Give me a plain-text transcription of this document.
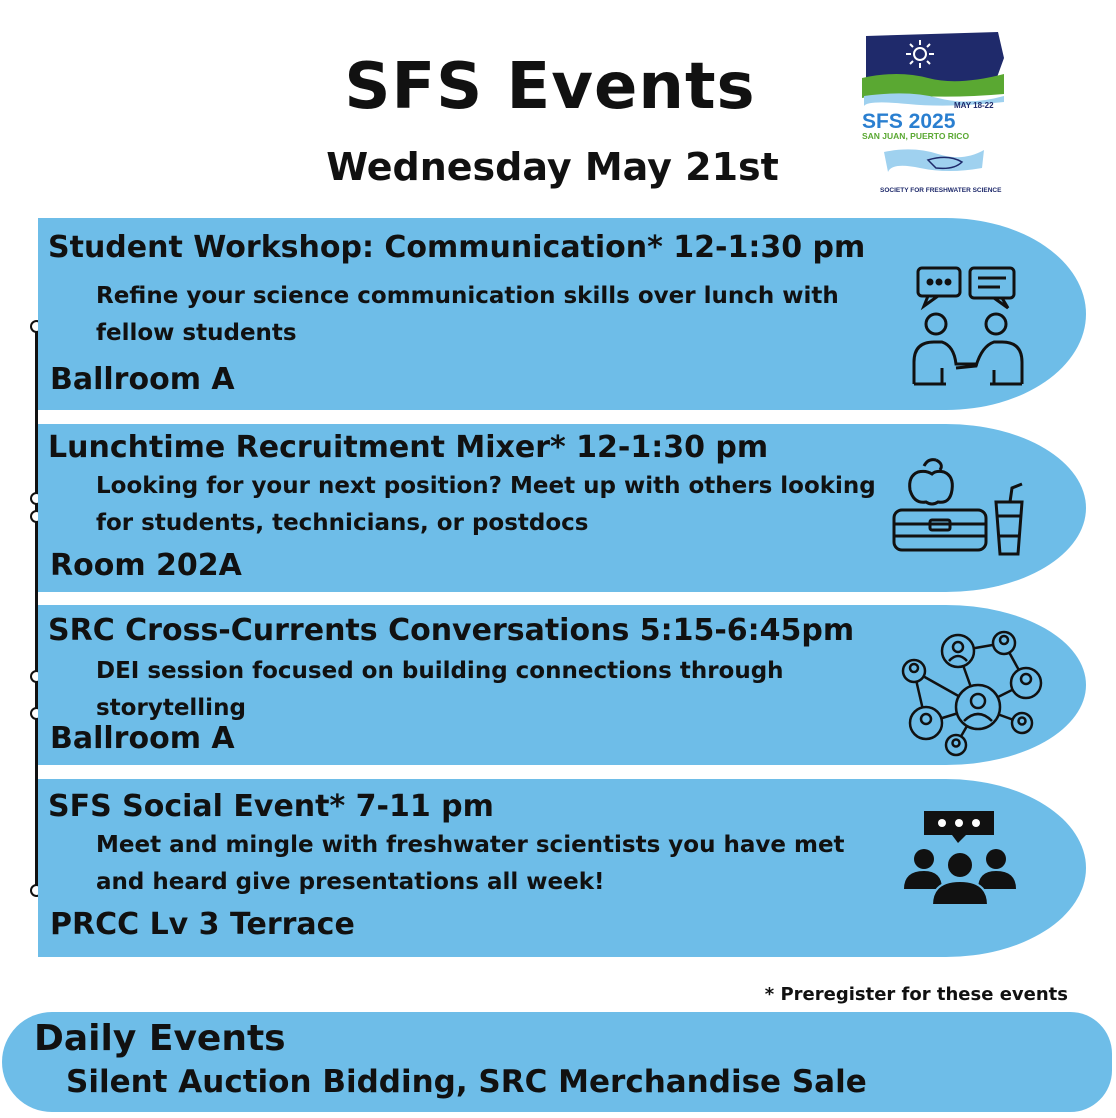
SFS Events
Wednesday May 21st
MAY 18-22
SFS 2025
SAN JUAN, PUERTO RICO
SOCIETY FOR FRESHWATER SCIENCE
Student Workshop: Communication* 12-1:30 pm
Refine your science communication skills over lunch with fellow students
Ballroom A
Lunchtime Recruitment Mixer* 12-1:30 pm
Looking for your next position? Meet up with others looking for students, technicians, or postdocs
Room 202A
SRC Cross-Currents Conversations 5:15-6:45pm
DEI session focused on building connections through storytelling
Ballroom A
SFS Social Event* 7-11 pm
Meet and mingle with freshwater scientists you have met and heard give presentations all week!
PRCC Lv 3 Terrace
* Preregister for these events
Daily Events
Silent Auction Bidding, SRC Merchandise Sale
